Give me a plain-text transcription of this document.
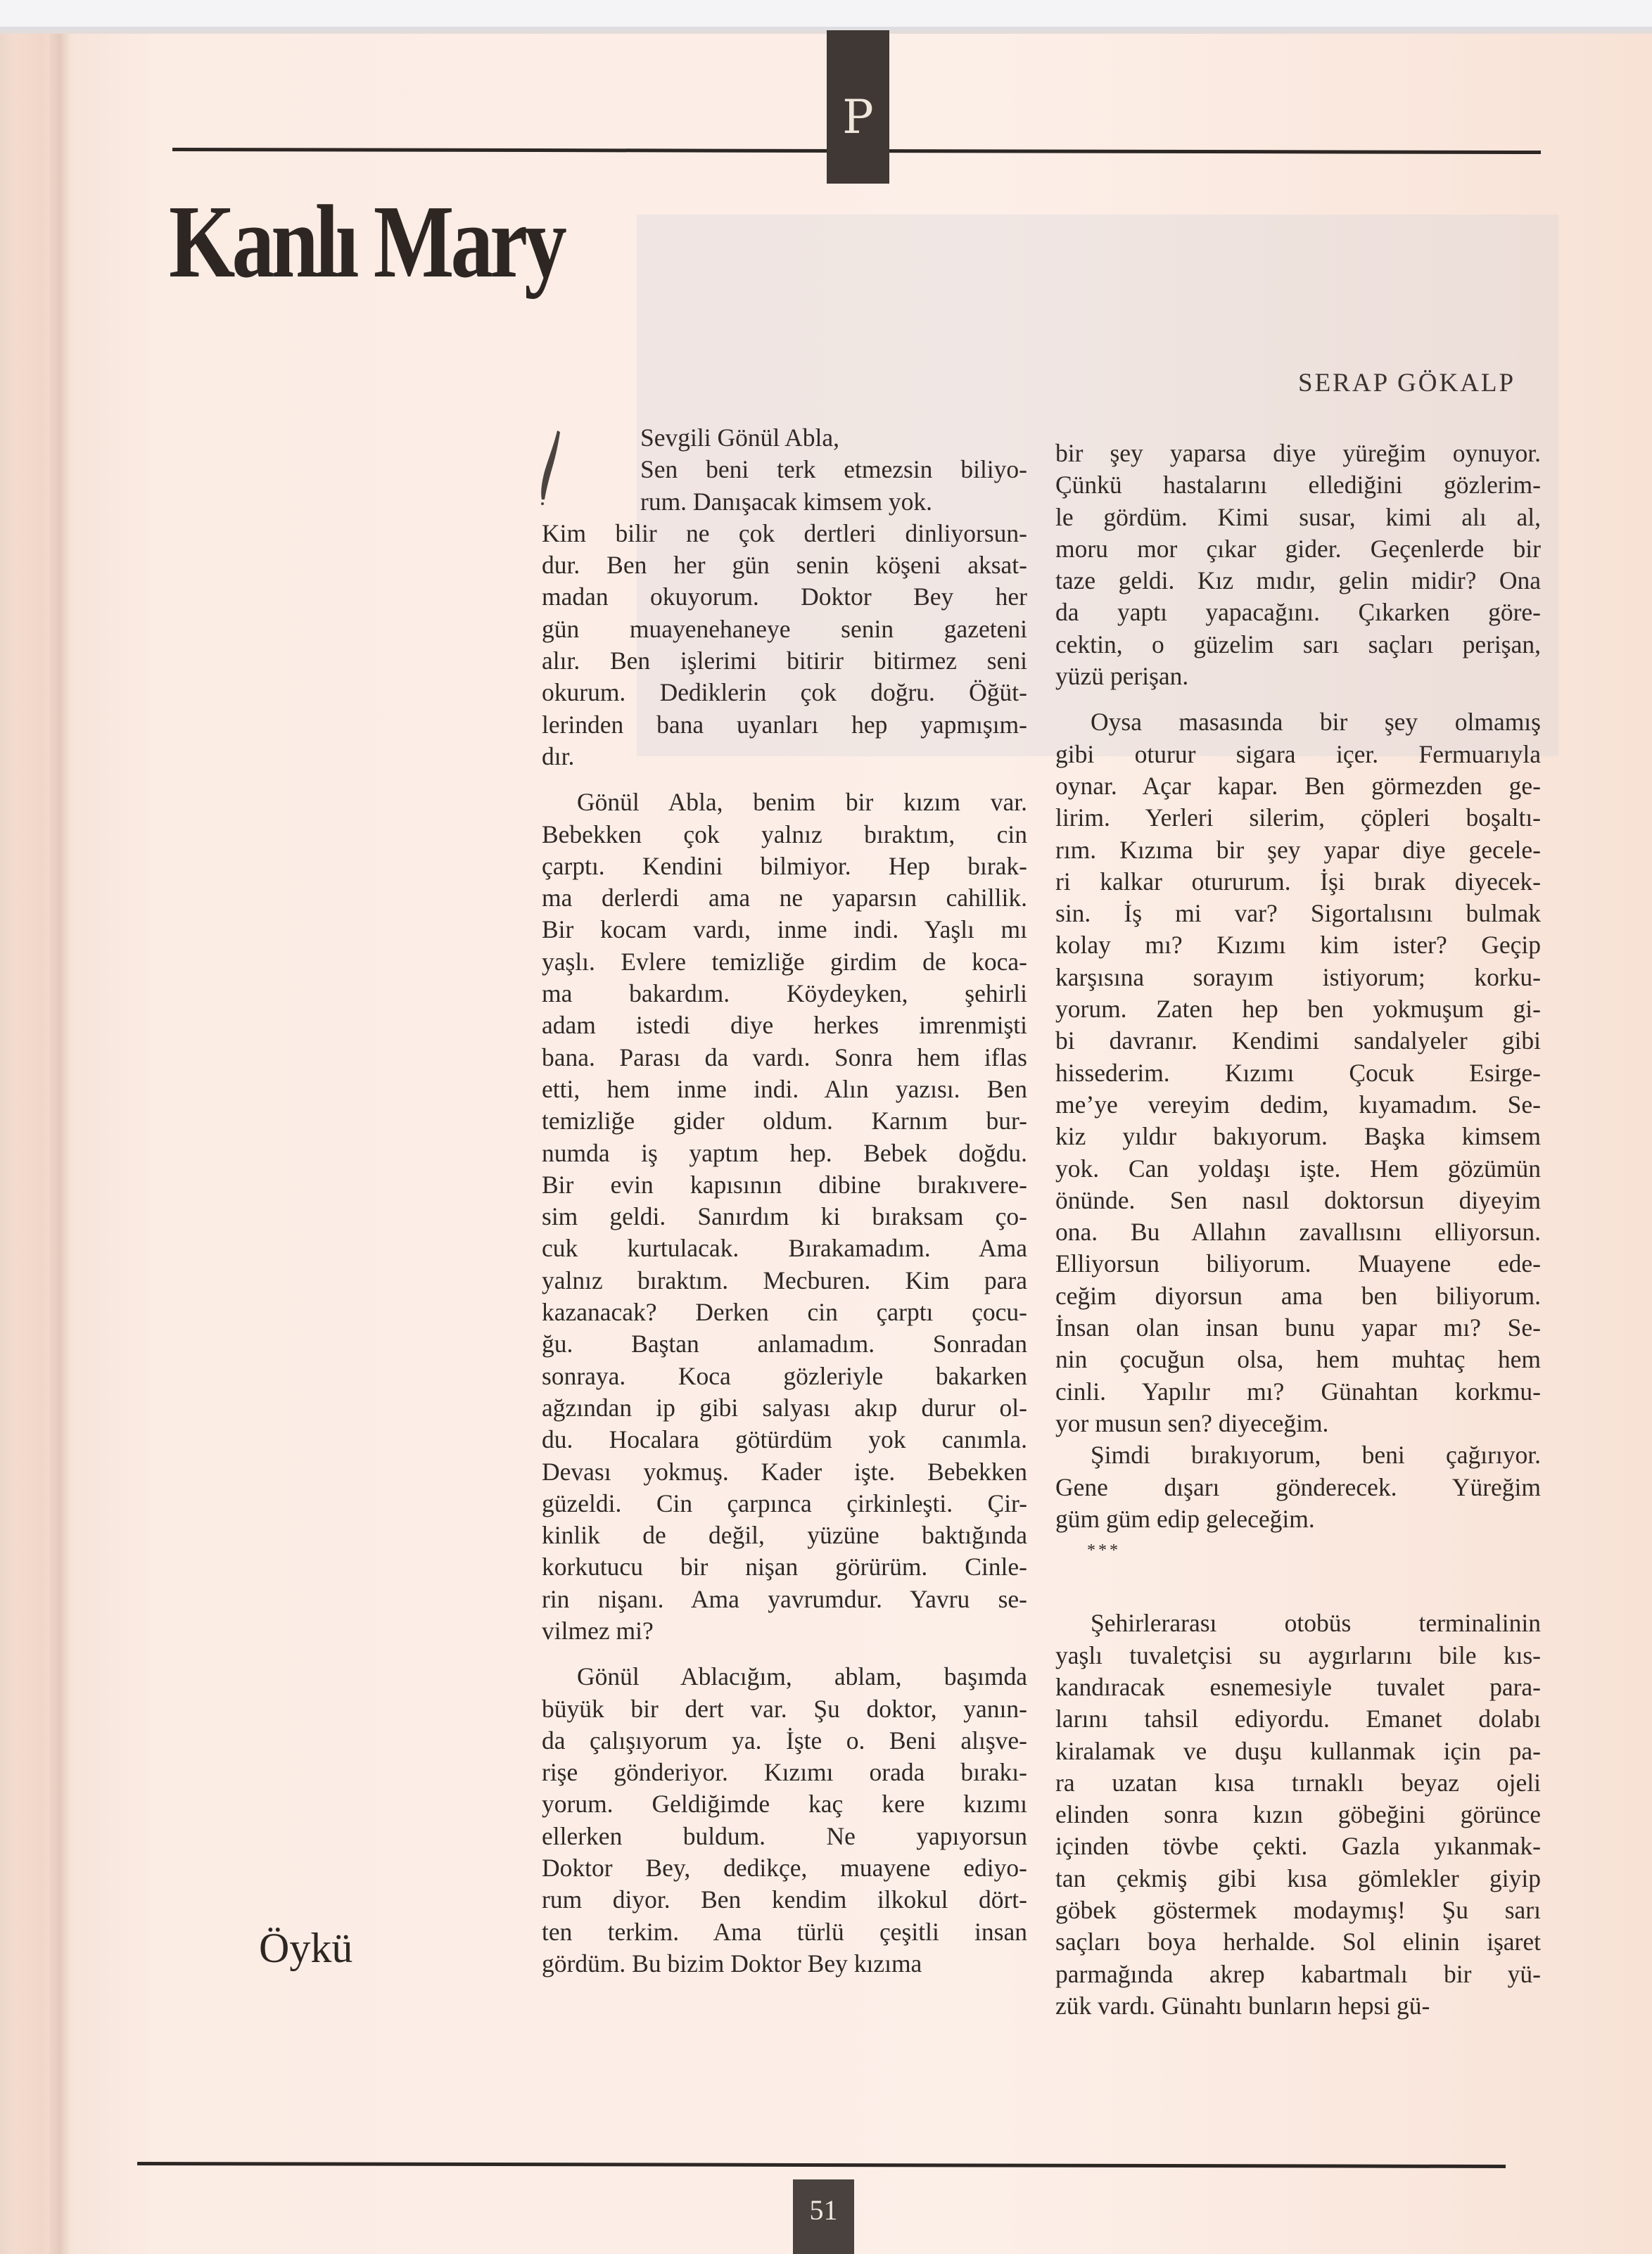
P
Kanlı Mary
SERAP GÖKALP
Sevgili Gönül Abla,
Sen beni terk etmezsin biliyo-
rum. Danışacak kimsem yok.
Kim bilir ne çok dertleri dinliyorsun-
dur. Ben her gün senin köşeni aksat-
madan okuyorum. Doktor Bey her
gün muayenehaneye senin gazeteni
alır. Ben işlerimi bitirir bitirmez seni
okurum. Dediklerin çok doğru. Öğüt-
lerinden bana uyanları hep yapmışım-
dır.
Gönül Abla, benim bir kızım var.
Bebekken çok yalnız bıraktım, cin
çarptı. Kendini bilmiyor. Hep bırak-
ma derlerdi ama ne yaparsın cahillik.
Bir kocam vardı, inme indi. Yaşlı mı
yaşlı. Evlere temizliğe girdim de koca-
ma bakardım. Köydeyken, şehirli
adam istedi diye herkes imrenmişti
bana. Parası da vardı. Sonra hem iflas
etti, hem inme indi. Alın yazısı. Ben
temizliğe gider oldum. Karnım bur-
numda iş yaptım hep. Bebek doğdu.
Bir evin kapısının dibine bırakıvere-
sim geldi. Sanırdım ki bıraksam ço-
cuk kurtulacak. Bırakamadım. Ama
yalnız bıraktım. Mecburen. Kim para
kazanacak? Derken cin çarptı çocu-
ğu. Baştan anlamadım. Sonradan
sonraya. Koca gözleriyle bakarken
ağzından ip gibi salyası akıp durur ol-
du. Hocalara götürdüm yok canımla.
Devası yokmuş. Kader işte. Bebekken
güzeldi. Cin çarpınca çirkinleşti. Çir-
kinlik de değil, yüzüne baktığında
korkutucu bir nişan görürüm. Cinle-
rin nişanı. Ama yavrumdur. Yavru se-
vilmez mi?
Gönül Ablacığım, ablam, başımda
büyük bir dert var. Şu doktor, yanın-
da çalışıyorum ya. İşte o. Beni alışve-
rişe gönderiyor. Kızımı orada bırakı-
yorum. Geldiğimde kaç kere kızımı
ellerken buldum. Ne yapıyorsun
Doktor Bey, dedikçe, muayene ediyo-
rum diyor. Ben kendim ilkokul dört-
ten terkim. Ama türlü çeşitli insan
gördüm. Bu bizim Doktor Bey kızıma
bir şey yaparsa diye yüreğim oynuyor.
Çünkü hastalarını ellediğini gözlerim-
le gördüm. Kimi susar, kimi alı al,
moru mor çıkar gider. Geçenlerde bir
taze geldi. Kız mıdır, gelin midir? Ona
da yaptı yapacağını. Çıkarken göre-
cektin, o güzelim sarı saçları perişan,
yüzü perişan.
Oysa masasında bir şey olmamış
gibi oturur sigara içer. Fermuarıyla
oynar. Açar kapar. Ben görmezden ge-
lirim. Yerleri silerim, çöpleri boşaltı-
rım. Kızıma bir şey yapar diye gecele-
ri kalkar otururum. İşi bırak diyecek-
sin. İş mi var? Sigortalısını bulmak
kolay mı? Kızımı kim ister? Geçip
karşısına sorayım istiyorum; korku-
yorum. Zaten hep ben yokmuşum gi-
bi davranır. Kendimi sandalyeler gibi
hissederim. Kızımı Çocuk Esirge-
me’ye vereyim dedim, kıyamadım. Se-
kiz yıldır bakıyorum. Başka kimsem
yok. Can yoldaşı işte. Hem gözümün
önünde. Sen nasıl doktorsun diyeyim
ona. Bu Allahın zavallısını elliyorsun.
Elliyorsun biliyorum. Muayene ede-
ceğim diyorsun ama ben biliyorum.
İnsan olan insan bunu yapar mı? Se-
nin çocuğun olsa, hem muhtaç hem
cinli. Yapılır mı? Günahtan korkmu-
yor musun sen? diyeceğim.
Şimdi bırakıyorum, beni çağırıyor.
Gene dışarı gönderecek. Yüreğim
güm güm edip geleceğim.
***
Şehirlerarası otobüs terminalinin
yaşlı tuvaletçisi su aygırlarını bile kıs-
kandıracak esnemesiyle tuvalet para-
larını tahsil ediyordu. Emanet dolabı
kiralamak ve duşu kullanmak için pa-
ra uzatan kısa tırnaklı beyaz ojeli
elinden sonra kızın göbeğini görünce
içinden tövbe çekti. Gazla yıkanmak-
tan çekmiş gibi kısa gömlekler giyip
göbek göstermek modaymış! Şu sarı
saçları boya herhalde. Sol elinin işaret
parmağında akrep kabartmalı bir yü-
zük vardı. Günahtı bunların hepsi gü-
Öykü
51
